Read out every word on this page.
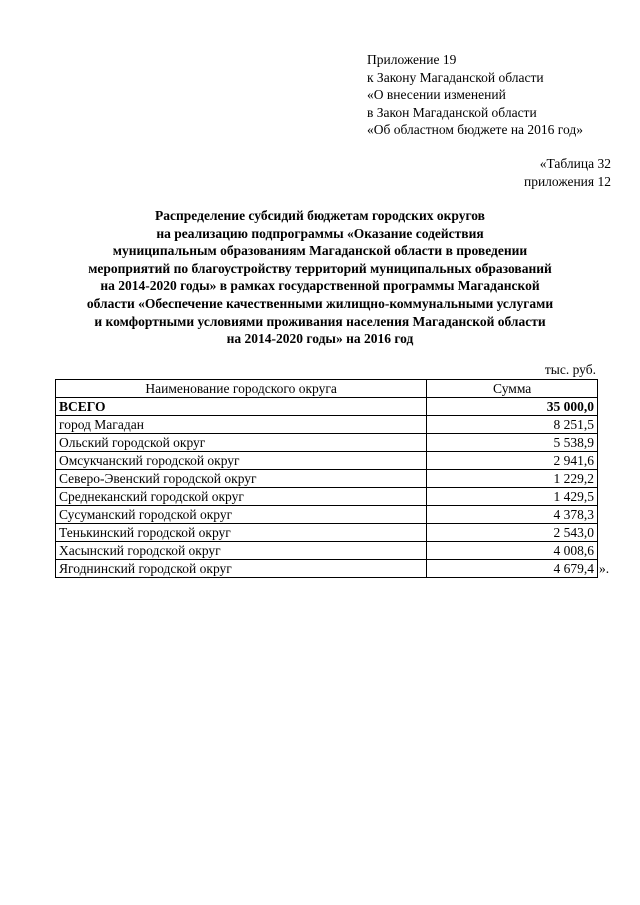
Приложение 19
к Закону Магаданской области
«О внесении изменений
в Закон Магаданской области
«Об областном бюджете на 2016 год»
«Таблица 32
приложения 12
Распределение субсидий бюджетам городских округов
на реализацию подпрограммы «Оказание содействия
муниципальным образованиям Магаданской области в проведении
мероприятий по благоустройству территорий муниципальных образований
на 2014-2020 годы» в рамках государственной программы Магаданской
области «Обеспечение качественными жилищно-коммунальными услугами
и комфортными условиями проживания населения Магаданской области
на 2014-2020 годы» на 2016 год
тыс. руб.
Наименование городского округа	Сумма
ВСЕГО	35 000,0
город Магадан	8 251,5
Ольский городской округ	5 538,9
Омсукчанский городской округ	2 941,6
Северо-Эвенский городской округ	1 229,2
Среднеканский городской округ	1 429,5
Сусуманский городской округ	4 378,3
Тенькинский городской округ	2 543,0
Хасынский городской округ	4 008,6
Ягоднинский городской округ	4 679,4 ».
